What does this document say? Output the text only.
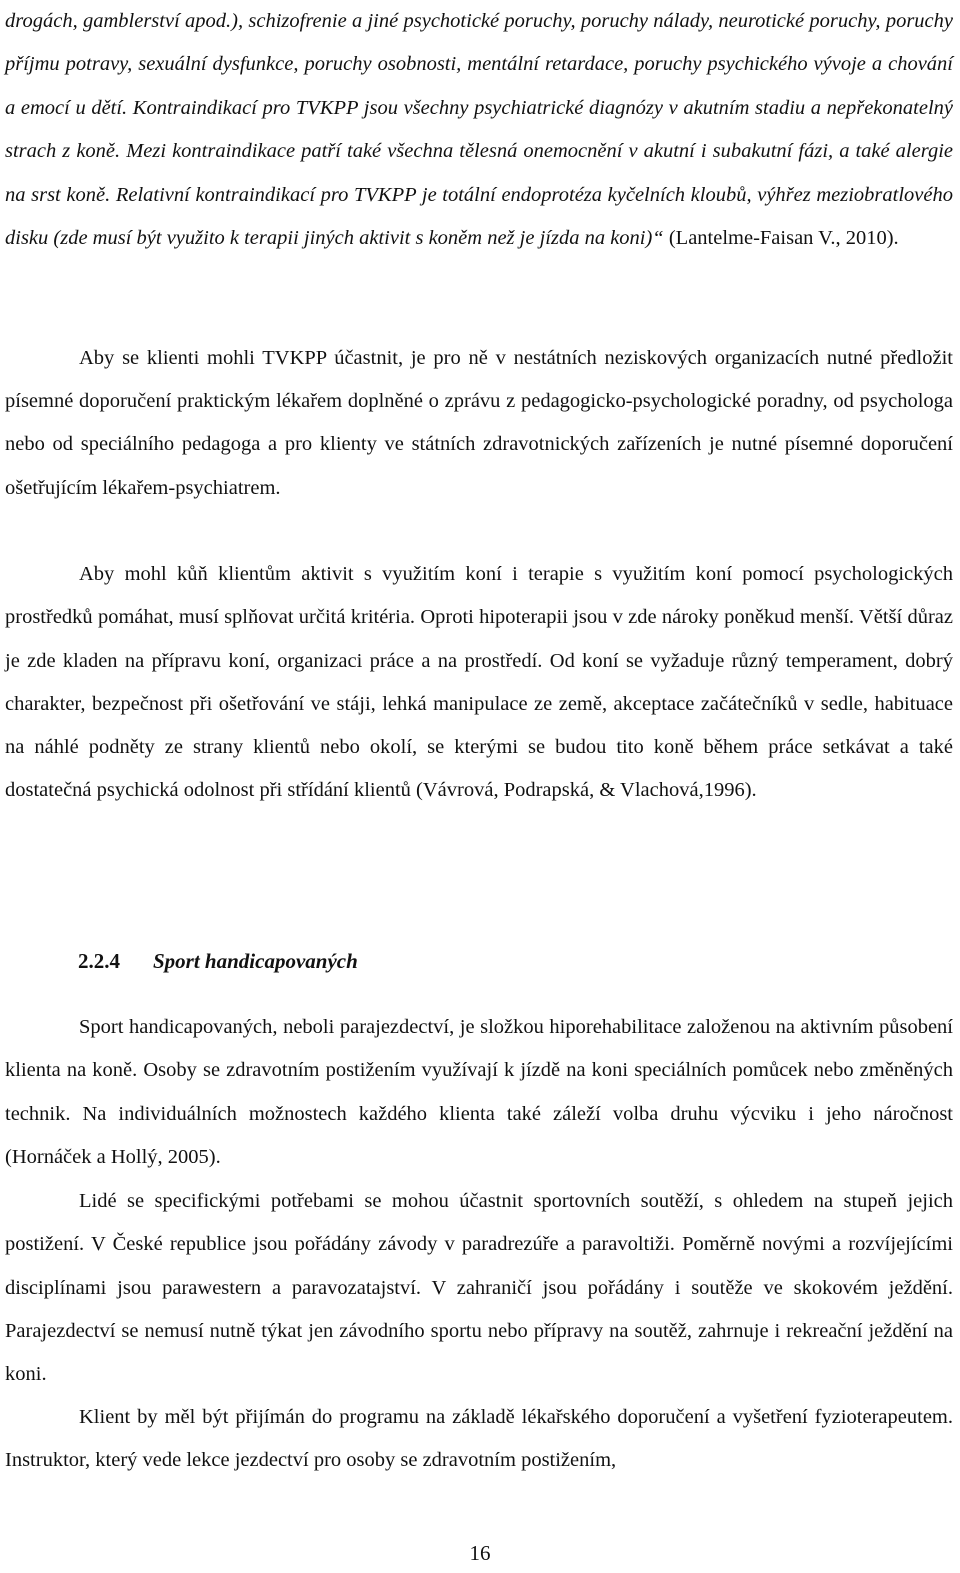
drogách, gamblerství apod.), schizofrenie a jiné psychotické poruchy, poruchy nálady, neurotické poruchy, poruchy příjmu potravy, sexuální dysfunkce, poruchy osobnosti, mentální retardace, poruchy psychického vývoje a chování a emocí u dětí. Kontraindikací pro TVKPP jsou všechny psychiatrické diagnózy v akutním stadiu a nepřekonatelný strach z koně. Mezi kontraindikace patří také všechna tělesná onemocnění v akutní i subakutní fázi, a také alergie na srst koně. Relativní kontraindikací pro TVKPP je totální endoprotéza kyčelních kloubů, výhřez meziobratlového disku (zde musí být využito k terapii jiných aktivit s koněm než je jízda na koni)“ (Lantelme-Faisan V., 2010).

Aby se klienti mohli TVKPP účastnit, je pro ně v nestátních neziskových organizacích nutné předložit písemné doporučení praktickým lékařem doplněné o zprávu z pedagogicko-psychologické poradny, od psychologa nebo od speciálního pedagoga a pro klienty ve státních zdravotnických zařízeních je nutné písemné doporučení ošetřujícím lékařem-psychiatrem.

Aby mohl kůň klientům aktivit s využitím koní i terapie s využitím koní pomocí psychologických prostředků pomáhat, musí splňovat určitá kritéria. Oproti hipoterapii jsou v zde nároky poněkud menší. Větší důraz je zde kladen na přípravu koní, organizaci práce a na prostředí. Od koní se vyžaduje různý temperament, dobrý charakter, bezpečnost při ošetřování ve stáji, lehká manipulace ze země, akceptace začátečníků v sedle, habituace na náhlé podněty ze strany klientů nebo okolí, se kterými se budou tito koně během práce setkávat a také dostatečná psychická odolnost při střídání klientů (Vávrová, Podrapská, & Vlachová,1996).

2.2.4 Sport handicapovaných

Sport handicapovaných, neboli parajezdectví, je složkou hiporehabilitace založenou na aktivním působení klienta na koně. Osoby se zdravotním postižením využívají k jízdě na koni speciálních pomůcek nebo změněných technik. Na individuálních možnostech každého klienta také záleží volba druhu výcviku i jeho náročnost (Hornáček a Hollý, 2005).

Lidé se specifickými potřebami se mohou účastnit sportovních soutěží, s ohledem na stupeň jejich postižení. V České republice jsou pořádány závody v paradrezúře a paravoltiži. Poměrně novými a rozvíjejícími disciplínami jsou parawestern a paravozatajství. V zahraničí jsou pořádány i soutěže ve skokovém ježdění. Parajezdectví se nemusí nutně týkat jen závodního sportu nebo přípravy na soutěž, zahrnuje i rekreační ježdění na koni.

Klient by měl být přijímán do programu na základě lékařského doporučení a vyšetření fyzioterapeutem. Instruktor, který vede lekce jezdectví pro osoby se zdravotním postižením,

16
